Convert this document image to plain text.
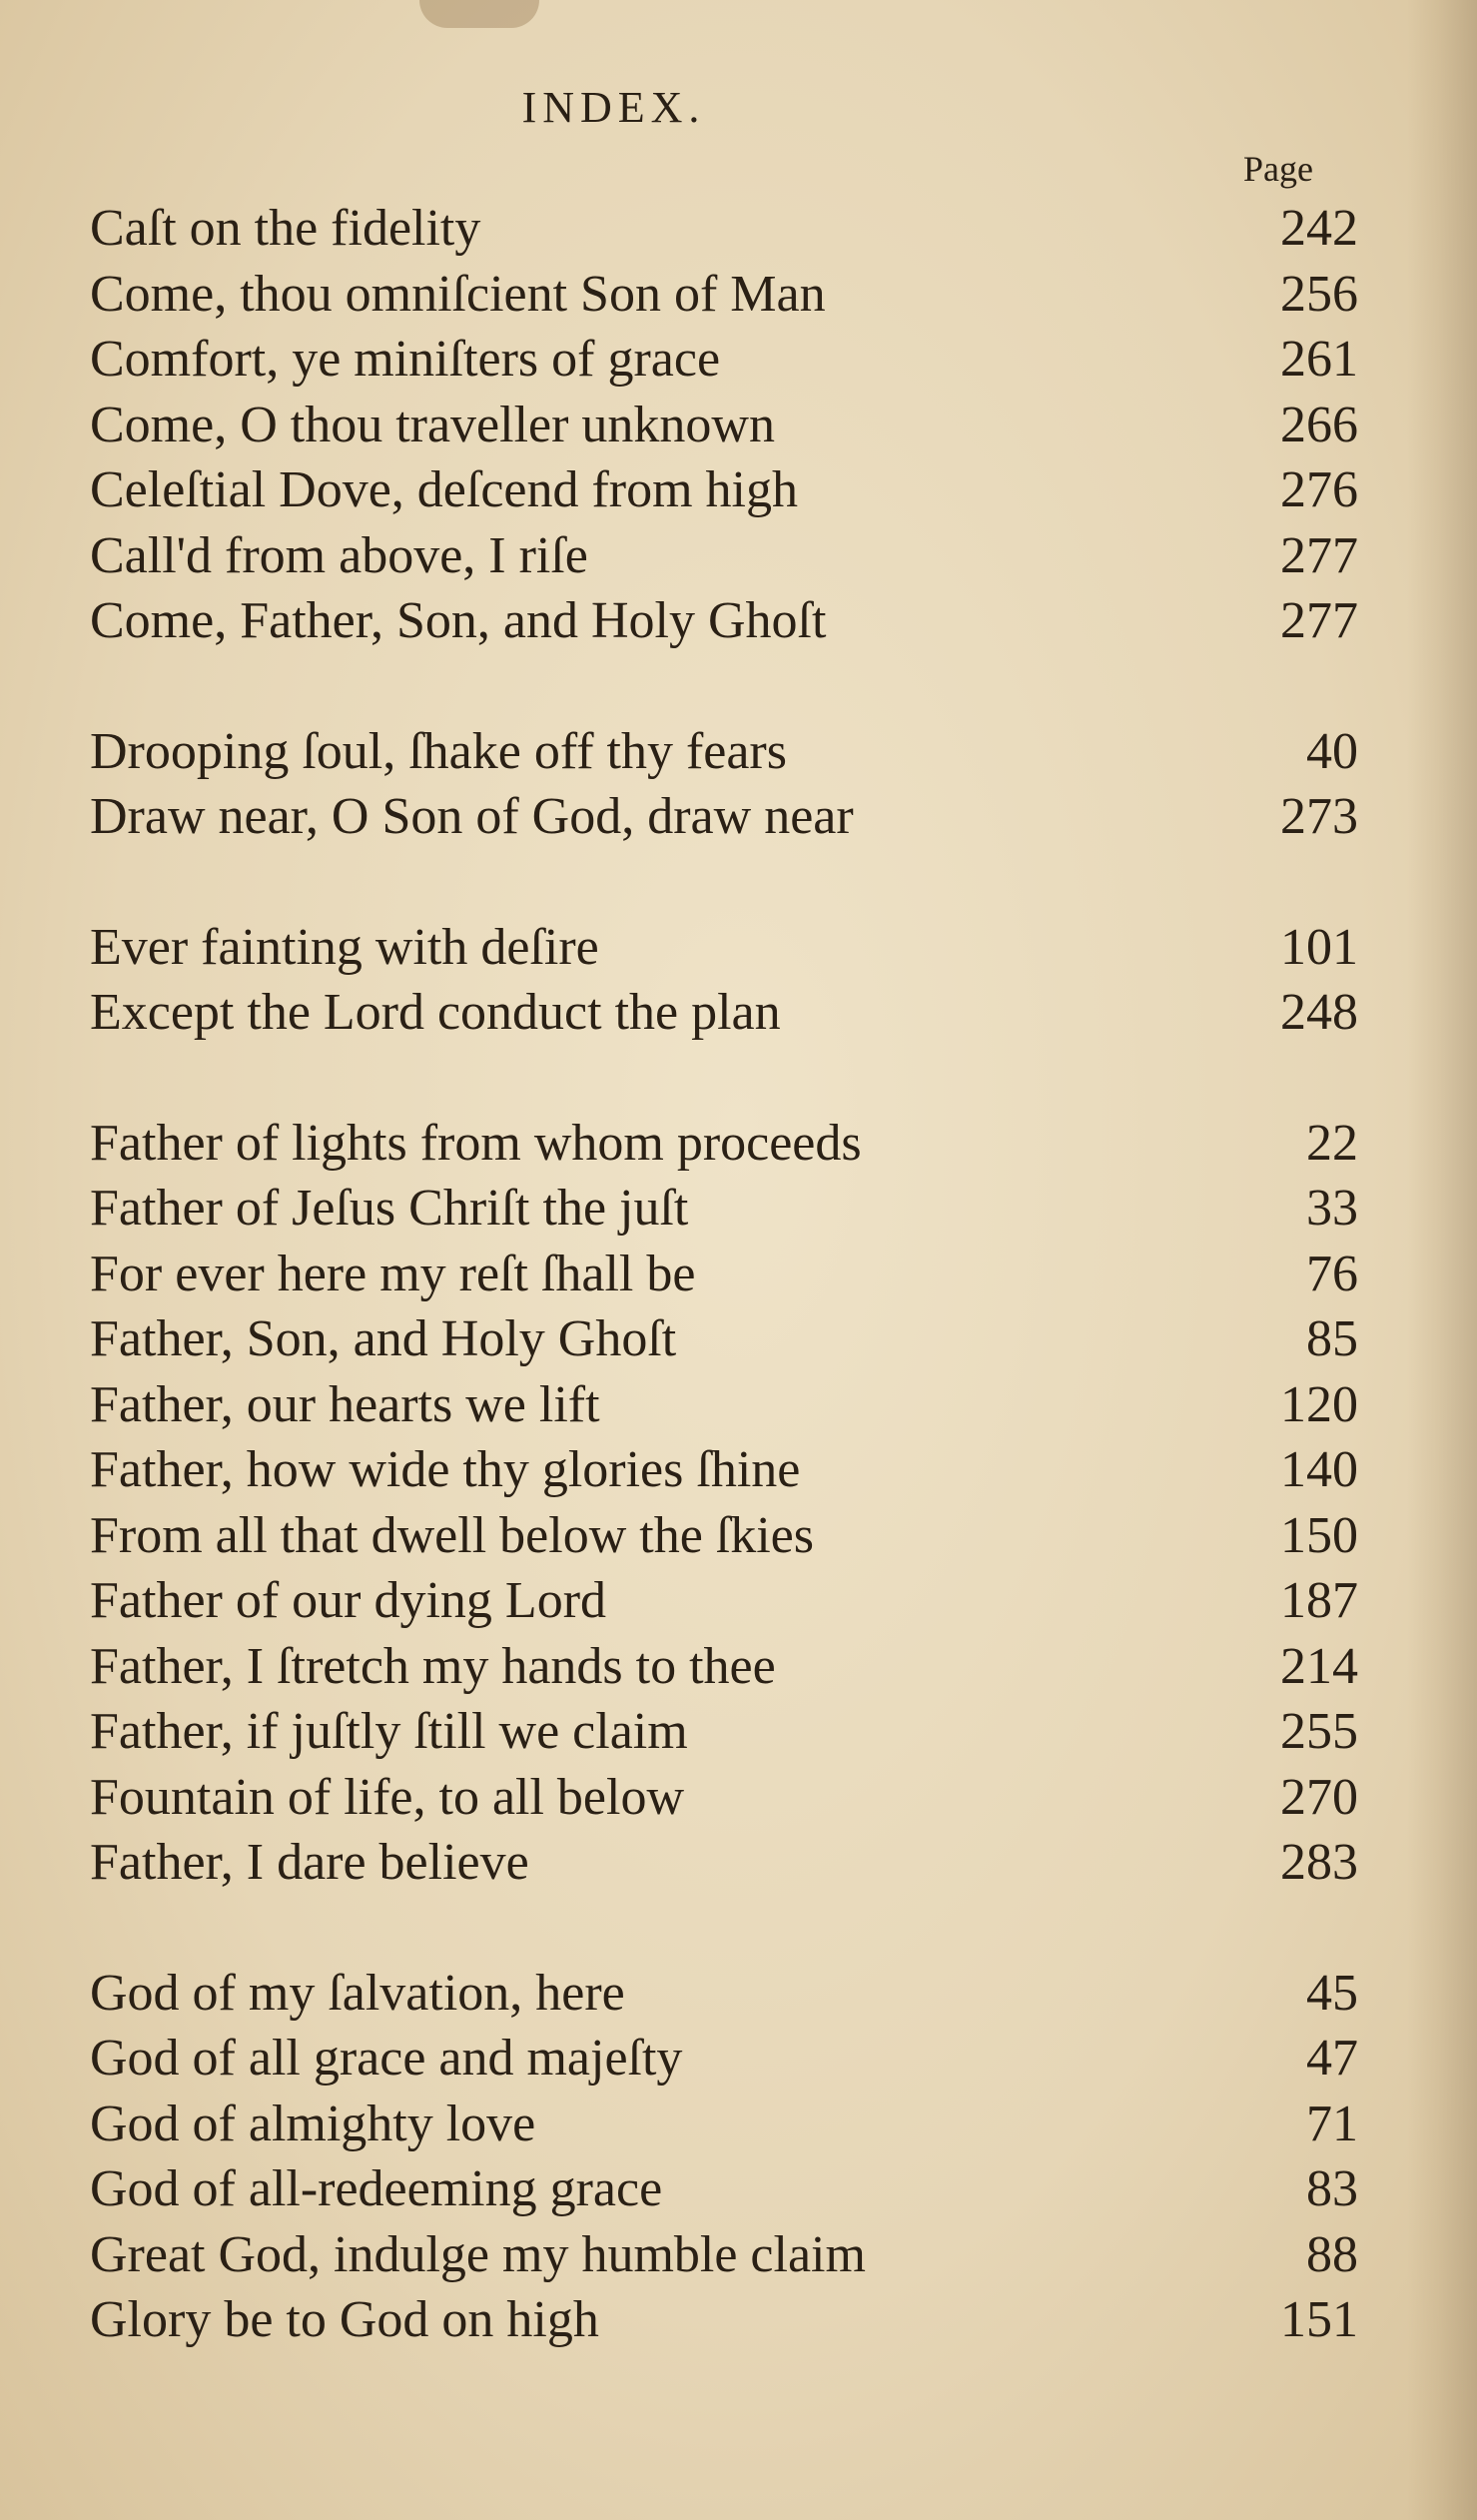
INDEX.
Page
Caſt on the fidelity	242
Come, thou omniſcient Son of Man	256
Comfort, ye miniſters of grace	261
Come, O thou traveller unknown	266
Celeſtial Dove, deſcend from high	276
Call'd from above, I riſe	277
Come, Father, Son, and Holy Ghoſt	277
Drooping ſoul, ſhake off thy fears	40
Draw near, O Son of God, draw near	273
Ever fainting with deſire	101
Except the Lord conduct the plan	248
Father of lights from whom proceeds	22
Father of Jeſus Chriſt the juſt	33
For ever here my reſt ſhall be	76
Father, Son, and Holy Ghoſt	85
Father, our hearts we lift	120
Father, how wide thy glories ſhine	140
From all that dwell below the ſkies	150
Father of our dying Lord	187
Father, I ſtretch my hands to thee	214
Father, if juſtly ſtill we claim	255
Fountain of life, to all below	270
Father, I dare believe	283
God of my ſalvation, here	45
God of all grace and majeſty	47
God of almighty love	71
God of all-redeeming grace	83
Great God, indulge my humble claim	88
Glory be to God on high	151
